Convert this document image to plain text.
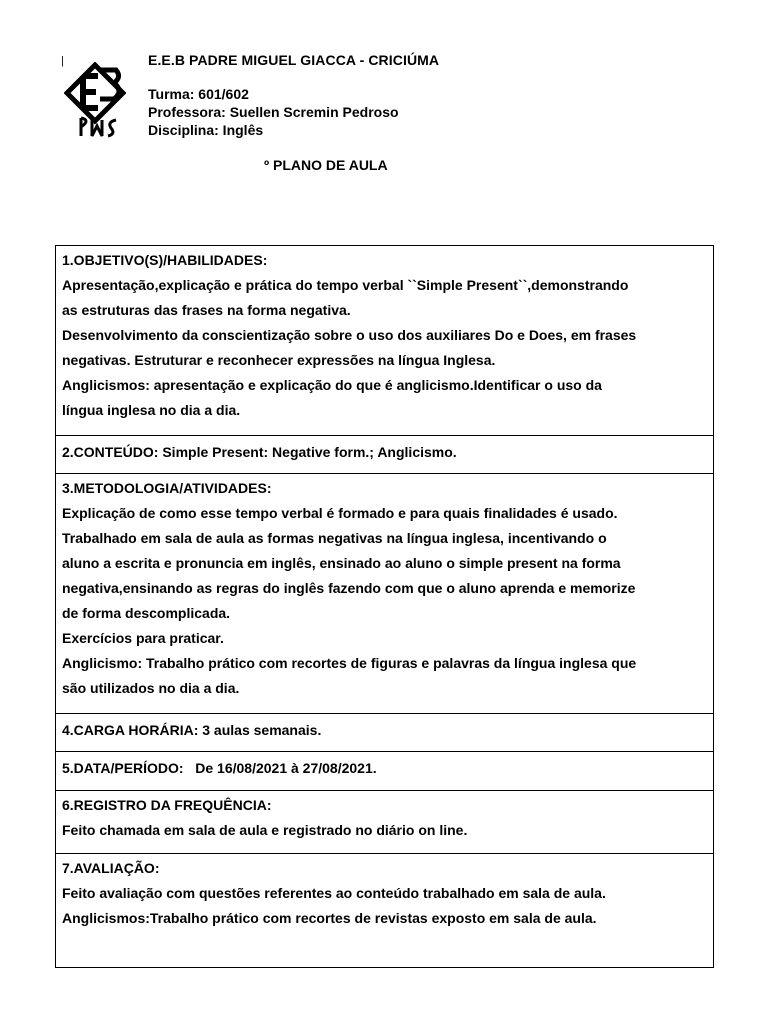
|	E.E.B PADRE MIGUEL GIACCA - CRICIÚMA
Turma: 601/602
Professora: Suellen Scremin Pedroso
Disciplina: Inglês
º PLANO DE AULA
1.OBJETIVO(S)/HABILIDADES:
Apresentação,explicação e prática do tempo verbal ``Simple Present``,demonstrando
as estruturas das frases na forma negativa.
Desenvolvimento da conscientização sobre o uso dos auxiliares Do e Does, em frases
negativas. Estruturar e reconhecer expressões na língua Inglesa.
Anglicismos: apresentação e explicação do que é anglicismo.Identificar o uso da
língua inglesa no dia a dia.
2.CONTEÚDO: Simple Present: Negative form.; Anglicismo.
3.METODOLOGIA/ATIVIDADES:
Explicação de como esse tempo verbal é formado e para quais finalidades é usado.
Trabalhado em sala de aula as formas negativas na língua inglesa, incentivando o
aluno a escrita e pronuncia em inglês, ensinado ao aluno o simple present na forma
negativa,ensinando as regras do inglês fazendo com que o aluno aprenda e memorize
de forma descomplicada.
Exercícios para praticar.
Anglicismo: Trabalho prático com recortes de figuras e palavras da língua inglesa que
são utilizados no dia a dia.
4.CARGA HORÁRIA: 3 aulas semanais.
5.DATA/PERÍODO:   De 16/08/2021 à 27/08/2021.
6.REGISTRO DA FREQUÊNCIA:
Feito chamada em sala de aula e registrado no diário on line.
7.AVALIAÇÃO:
Feito avaliação com questões referentes ao conteúdo trabalhado em sala de aula.
Anglicismos:Trabalho prático com recortes de revistas exposto em sala de aula.
